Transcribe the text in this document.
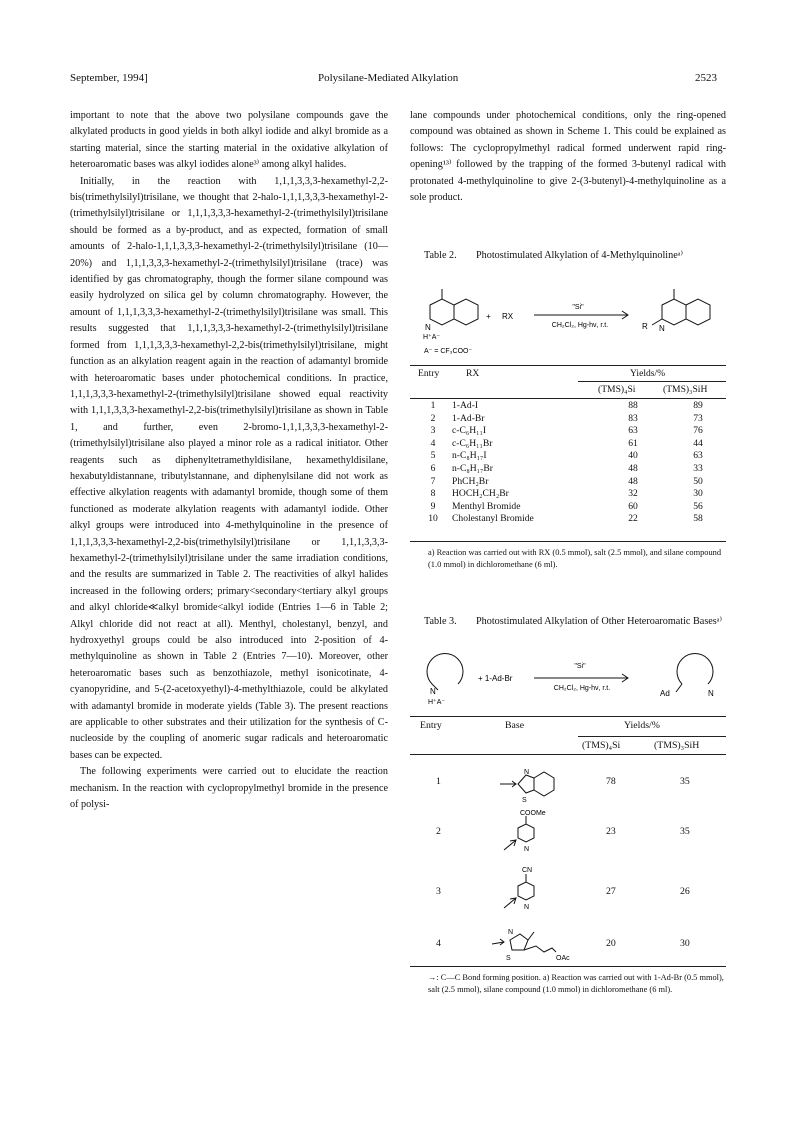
September, 1994]	Polysilane-Mediated Alkylation	2523

important to note that the above two polysilane compounds gave the alkylated products in good yields in both alkyl iodide and alkyl bromide as a starting material, since the starting material in the oxidative alkylation of heteroaromatic bases was alkyl iodides alone³⁾ among alkyl halides.

Initially, in the reaction with 1,1,1,3,3,3-hexamethyl-2,2-bis(trimethylsilyl)trisilane, we thought that 2-halo-1,1,1,3,3,3-hexamethyl-2-(trimethylsilyl)trisilane or 1,1,1,3,3,3-hexamethyl-2-(trimethylsilyl)trisilane should be formed as a by-product, and as expected, formation of small amounts of 2-halo-1,1,1,3,3,3-hexamethyl-2-(trimethylsilyl)trisilane (10—20%) and 1,1,1,3,3,3-hexamethyl-2-(trimethylsilyl)trisilane (trace) was identified by gas chromatography, though the former silane compound was easily hydrolyzed on silica gel by column chromatography. However, the amount of 1,1,1,3,3,3-hexamethyl-2-(trimethylsilyl)trisilane was small. This results suggested that 1,1,1,3,3,3-hexamethyl-2-(trimethylsilyl)trisilane formed from 1,1,1,3,3,3-hexamethyl-2,2-bis(trimethylsilyl)trisilane, might function as an alkylation reagent again in the reaction of adamantyl bromide with heteroaromatic bases under photochemical conditions. In practice, 1,1,1,3,3,3-hexamethyl-2-(trimethylsilyl)trisilane showed equal reactivity with 1,1,1,3,3,3-hexamethyl-2,2-bis(trimethylsilyl)trisilane as shown in Table 1, and further, even 2-bromo-1,1,1,3,3,3-hexamethyl-2-(trimethylsilyl)trisilane also played a minor role as a radical initiator. Other reagents such as diphenyltetramethyldisilane, hexamethyldisilane, hexabutyldistannane, tributylstannane, and diphenylsilane did not work as effective alkylation reagents with adamantyl bromide, though some of them functioned as moderate alkylation reagents with adamantyl iodide. Other alkyl groups were introduced into 4-methylquinoline in the presence of 1,1,1,3,3,3-hexamethyl-2,2-bis(trimethylsilyl)trisilane or 1,1,1,3,3,3-hexamethyl-2-(trimethylsilyl)trisilane under the same irradiation conditions, and the results are summarized in Table 2. The reactivities of alkyl halides increased in the following orders; primary<secondary<tertiary alkyl groups and alkyl chloride≪alkyl bromide<alkyl iodide (Entries 1—6 in Table 2; Alkyl chloride did not react at all). Menthyl, cholestanyl, benzyl, and hydroxyethyl groups could be also introduced into 2-position of 4-methylquinoline as shown in Table 2 (Entries 7—10). Moreover, other heteroaromatic bases such as benzothiazole, methyl isonicotinate, 4-cyanopyridine, and 5-(2-acetoxyethyl)-4-methylthiazole, could be alkylated with adamantyl bromide in moderate yields (Table 3). The present reactions are applicable to other substrates and their utilization for the synthesis of C-nucleoside by the coupling of anomeric sugar radicals and heteroaromatic bases can be expected.

The following experiments were carried out to elucidate the reaction mechanism. In the reaction with cyclopropylmethyl bromide in the presence of polysi-

lane compounds under photochemical conditions, only the ring-opened compound was obtained as shown in Scheme 1. This could be explained as follows: The cyclopropylmethyl radical formed underwent rapid ring-opening¹³⁾ followed by the trapping of the formed 3-butenyl radical with protonated 4-methylquinoline to give 2-(3-butenyl)-4-methylquinoline as a sole product.
Table 2. Photostimulated Alkylation of 4-Methylquinolineᵃ⁾
N
H⁺A⁻
+ RX
"Si"
CH₂Cl₂, Hg-hν, r.t.	R N
A⁻ = CF₃COO⁻
Entry	RX	Yields/%
(TMS)₄Si	(TMS)₃SiH
1	1-Ad-I	88	89
2	1-Ad-Br	83	73
3	c-C₆H₁₁I	63	76
4	c-C₆H₁₁Br	61	44
5	n-C₈H₁₇I	40	63
6	n-C₈H₁₇Br	48	33
7	PhCH₂Br	48	50
8	HOCH₂CH₂Br	32	30
9	Menthyl Bromide	60	56
10	Cholestanyl Bromide	22	58
a) Reaction was carried out with RX (0.5 mmol), salt (2.5 mmol), and silane compound (1.0 mmol) in dichloromethane (6 ml).
Table 3. Photostimulated Alkylation of Other Heteroaromatic Basesᵃ⁾
N
H⁺A⁻
+ 1-Ad-Br
"Si"
CH₂Cl₂, Hg-hν, r.t.
Ad	N
Entry	Base	Yields/%
(TMS)₄Si	(TMS)₃SiH
1
N
S
78	35
2
COOMe
N
23	35
3
CN
N
27	26
4
N
S	OAc
20	30
→: C—C Bond forming position. a) Reaction was carried out with 1-Ad-Br (0.5 mmol), salt (2.5 mmol), silane compound (1.0 mmol) in dichloromethane (6 ml).
